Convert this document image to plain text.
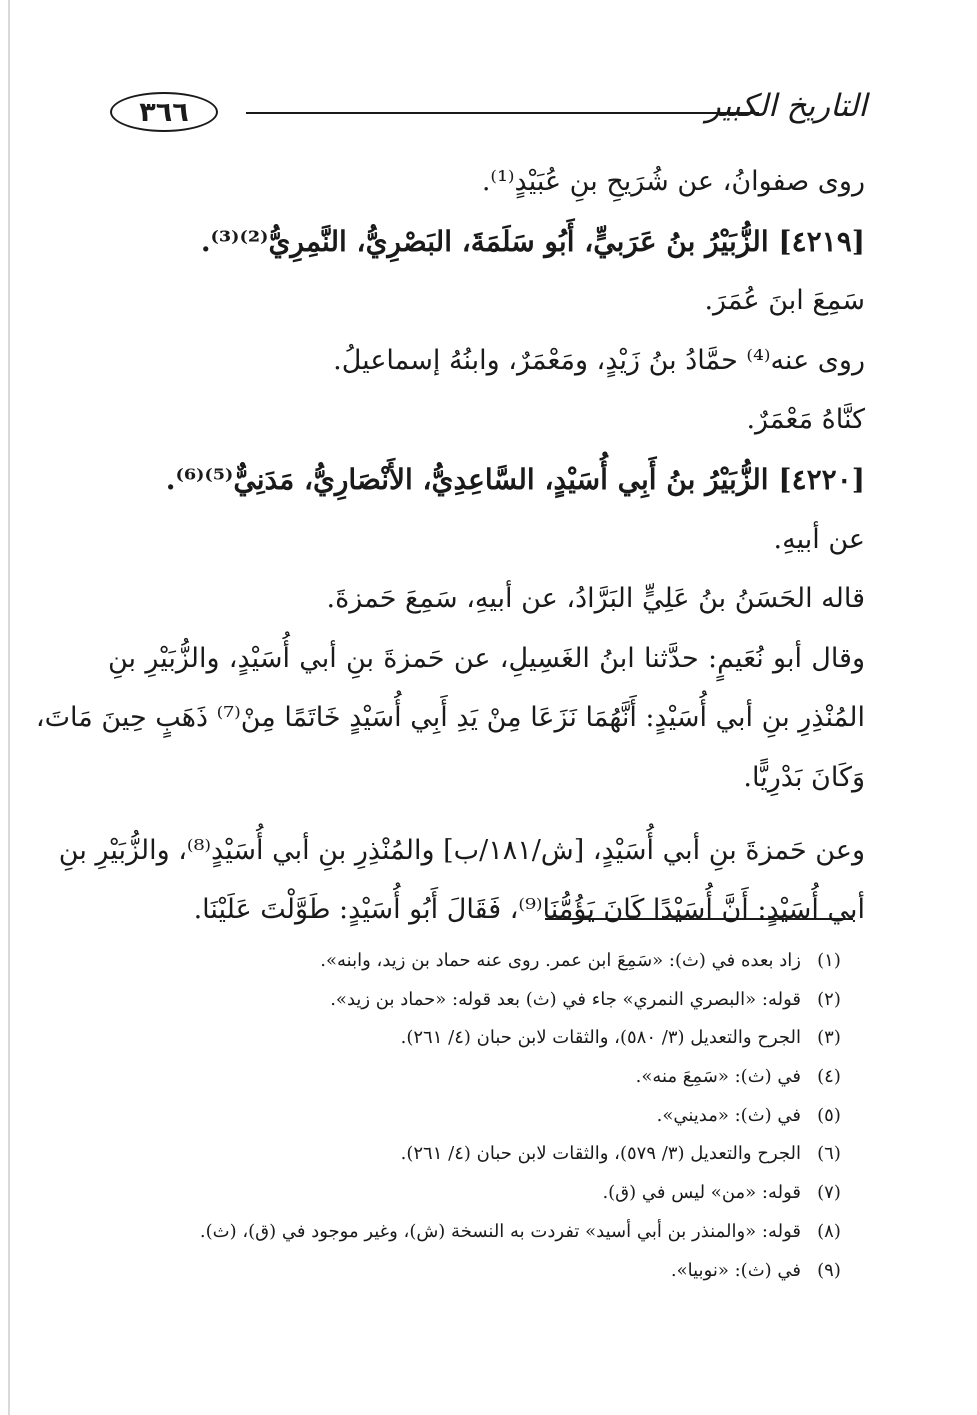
٣٦٦	التاريخ الكبير
روى صفوانُ، عن شُرَيحِ بنِ عُبَيْدٍ⁽¹⁾.
[٤٢١٩] الزُّبَيْرُ بنُ عَرَبيٍّ، أَبُو سَلَمَةَ، البَصْرِيُّ، النَّمِرِيُّ⁽²⁾⁽³⁾.
سَمِعَ ابنَ عُمَرَ.
روى عنه⁽⁴⁾ حمَّادُ بنُ زَيْدٍ، ومَعْمَرٌ، وابنُهُ إسماعيلُ.
كنَّاهُ مَعْمَرٌ.
[٤٢٢٠] الزُّبَيْرُ بنُ أَبِي أُسَيْدٍ، السَّاعِدِيُّ، الأَنْصَارِيُّ، مَدَنِيٌّ⁽⁵⁾⁽⁶⁾.
عن أبيهِ.
قاله الحَسَنُ بنُ عَلِيٍّ البَرَّادُ، عن أبيهِ، سَمِعَ حَمزةَ.
وقال أبو نُعَيمٍ: حدَّثنا ابنُ الغَسِيلِ، عن حَمزةَ بنِ أبي أُسَيْدٍ، والزُّبَيْرِ بنِ
المُنْذِرِ بنِ أبي أُسَيْدٍ: أَنَّهُمَا نَزَعَا مِنْ يَدِ أَبِي أُسَيْدٍ خَاتَمًا مِنْ⁽⁷⁾ ذَهَبٍ حِينَ مَاتَ،
وَكَانَ بَدْرِيًّا.
وعن حَمزةَ بنِ أبي أُسَيْدٍ، [ش/١٨١/ب] والمُنْذِرِ بنِ أبي أُسَيْدٍ⁽⁸⁾، والزُّبَيْرِ بنِ
أبي أُسَيْدٍ: أَنَّ أُسَيْدًا كَانَ يَؤُمُّنَا⁽⁹⁾، فَقَالَ أَبُو أُسَيْدٍ: طَوَّلْتَ عَلَيْنَا.
(١)
زاد بعده في (ث): «سَمِعَ ابن عمر. روى عنه حماد بن زيد، وابنه».
(٢)
قوله: «البصري النمري» جاء في (ث) بعد قوله: «حماد بن زيد».
(٣)
الجرح والتعديل (٣/ ٥٨٠)، والثقات لابن حبان (٤/ ٢٦١).
(٤)
في (ث): «سَمِعَ منه».
(٥)
في (ث): «مديني».
(٦)
الجرح والتعديل (٣/ ٥٧٩)، والثقات لابن حبان (٤/ ٢٦١).
(٧)
قوله: «من» ليس في (ق).
(٨)
قوله: «والمنذر بن أبي أسيد» تفردت به النسخة (ش)، وغير موجود في (ق)، (ث).
(٩)
في (ث): «نوبيا».
